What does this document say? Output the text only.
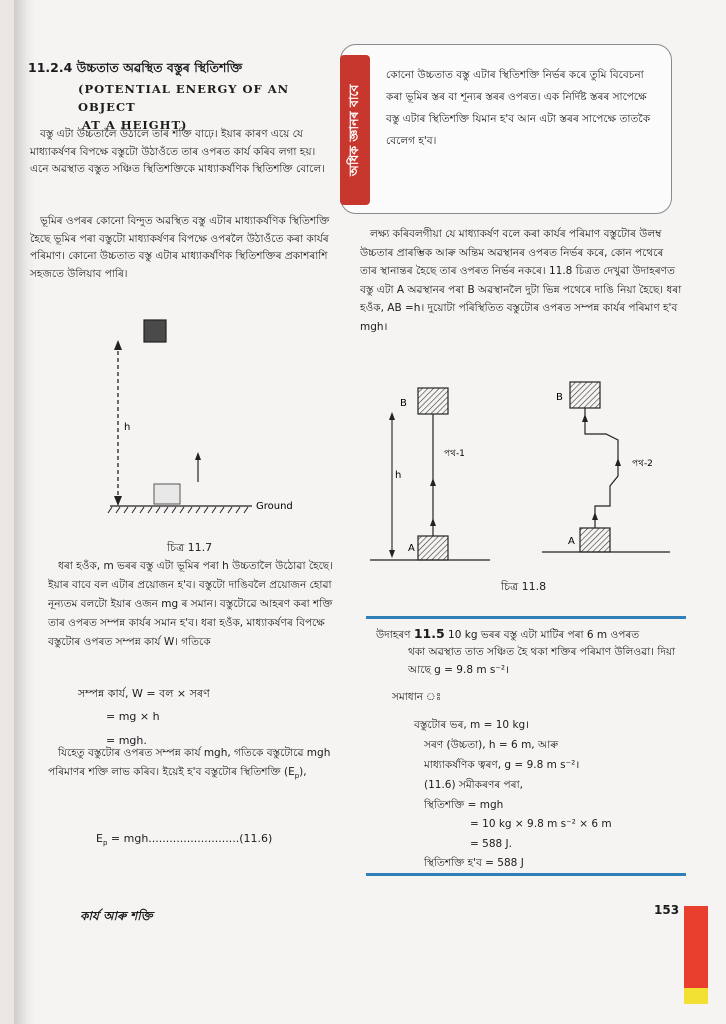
11.2.4 উচ্চতাত অৱস্থিত বস্তুৰ স্থিতিশক্তি
(POTENTIAL ENERGY OF AN OBJECT
AT A HEIGHT)
বস্তু এটা উচ্চতালৈ উঠালে তাৰ শক্তি বাঢ়ে। ইয়াৰ কাৰণ এয়ে যে মাধ্যাকৰ্ষণৰ বিপক্ষে বস্তুটো উঠাওঁতে তাৰ ওপৰত কাৰ্য কৰিব লগা হয়। এনে অৱস্থাত বস্তুত সঞ্চিত স্থিতিশক্তিকে মাধ্যাকৰ্ষণিক স্থিতিশক্তি বোলে।
ভূমিৰ ওপৰৰ কোনো বিন্দুত অৱস্থিত বস্তু এটাৰ মাধ্যাকৰ্ষণিক স্থিতিশক্তি হৈছে ভূমিৰ পৰা বস্তুটো মাধ্যাকৰ্ষণৰ বিপক্ষে ওপৰলৈ উঠাওঁতে কৰা কাৰ্যৰ পৰিমাণ। কোনো উচ্চতাত বস্তু এটাৰ মাধ্যাকৰ্ষণিক স্থিতিশক্তিৰ প্ৰকাশৰাশি সহজতে উলিয়াব পাৰি।
অধিক জ্ঞানৰ বাবে
কোনো উচ্চতাত বস্তু এটাৰ স্থিতিশক্তি নিৰ্ভৰ কৰে তুমি বিবেচনা কৰা ভূমিৰ স্তৰ বা শূন্যৰ স্তৰৰ ওপৰত। এক নিৰ্দিষ্ট স্তৰৰ সাপেক্ষে বস্তু এটাৰ স্থিতিশক্তি যিমান হ'ব আন এটা স্তৰৰ সাপেক্ষে তাতকৈ বেলেগ হ'ব।
লক্ষ্য কৰিবলগীয়া যে মাধ্যাকৰ্ষণ বলে কৰা কাৰ্যৰ পৰিমাণ বস্তুটোৰ উলম্ব উচ্চতাৰ প্ৰাৰম্ভিক আৰু অন্তিম অৱস্থানৰ ওপৰত নিৰ্ভৰ কৰে, কোন পথেৰে তাৰ স্থানান্তৰ হৈছে তাৰ ওপৰত নিৰ্ভৰ নকৰে। 11.8 চিত্ৰত দেখুৱা উদাহৰণত বস্তু এটা A অৱস্থানৰ পৰা B অৱস্থানলৈ দুটা ভিন্ন পথেৰে দাঙি নিয়া হৈছে। ধৰা হওঁক, AB =h। দুয়োটা পৰিস্থিতিত বস্তুটোৰ ওপৰত সম্পন্ন কাৰ্যৰ পৰিমাণ হ'ব mgh।
h
Ground
চিত্ৰ 11.7
B
A
পথ-1
h
B
A
পথ-2
চিত্ৰ 11.8
ধৰা হওঁক, m ভৰৰ বস্তু এটা ভূমিৰ পৰা h উচ্চতালৈ উঠোৱা হৈছে। ইয়াৰ বাবে বল এটাৰ প্ৰয়োজন হ'ব। বস্তুটো দাঙিবলৈ প্ৰয়োজন হোৱা নূন্যতম বলটো ইয়াৰ ওজন mg ৰ সমান। বস্তুটোৱে আহৰণ কৰা শক্তি তাৰ ওপৰত সম্পন্ন কাৰ্যৰ সমান হ'ব। ধৰা হওঁক, মাধ্যাকৰ্ষণৰ বিপক্ষে বস্তুটোৰ ওপৰত সম্পন্ন কাৰ্য W। গতিকে
সম্পন্ন কাৰ্য, W = বল × সৰণ
= mg × h
= mgh.
যিহেতু বস্তুটোৰ ওপৰত সম্পন্ন কাৰ্য mgh, গতিকে বস্তুটোৱে mgh পৰিমাণৰ শক্তি লাভ কৰিব। ইয়েই হ'ব বস্তুটোৰ স্থিতিশক্তি $(E_p)$,
$E_p = mgh..........................(11.6)$
উদাহৰণ 11.5 10 kg ভৰৰ বস্তু এটা মাটিৰ পৰা 6 m ওপৰত
থকা অৱস্থাত তাত সঞ্চিত হৈ থকা শক্তিৰ পৰিমাণ উলিওৱা। দিয়া আছে g = 9.8 m s⁻²।
সমাধান ঃ
বস্তুটোৰ ভৰ, m = 10 kg।
সৰণ (উচ্চতা), h = 6 m, আৰু
মাধ্যাকৰ্ষণিক ত্বৰণ, g = 9.8 m s⁻²।
(11.6) সমীকৰণৰ পৰা,
স্থিতিশক্তি = mgh
= 10 kg × 9.8 m s⁻² × 6 m
= 588 J.
স্থিতিশক্তি হ'ব = 588 J
কাৰ্য আৰু শক্তি	153
